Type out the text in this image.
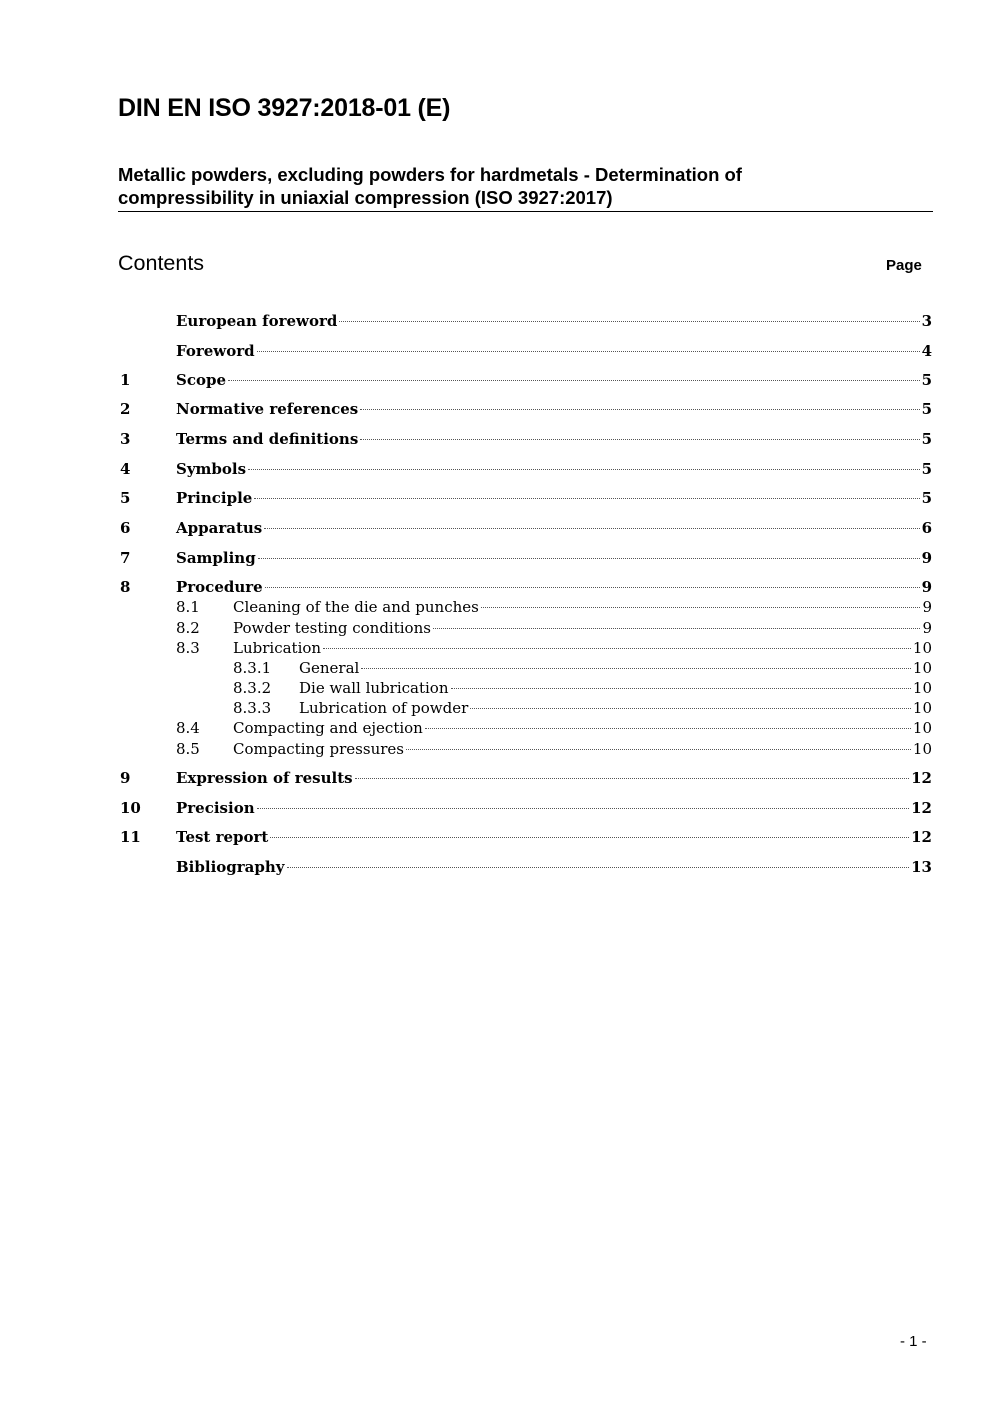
DIN EN ISO 3927:2018-01 (E)
Metallic powders, excluding powders for hardmetals - Determination of
compressibility in uniaxial compression (ISO 3927:2017)
Contents	Page
European foreword	3
Foreword	4
1	Scope	5
2	Normative references	5
3	Terms and definitions	5
4	Symbols	5
5	Principle	5
6	Apparatus	6
7	Sampling	9
8	Procedure	9
8.1	Cleaning of the die and punches	9
8.2	Powder testing conditions	9
8.3	Lubrication	10
8.3.1	General	10
8.3.2	Die wall lubrication	10
8.3.3	Lubrication of powder	10
8.4	Compacting and ejection	10
8.5	Compacting pressures	10
9	Expression of results	12
10	Precision	12
11	Test report	12
Bibliography	13
- 1 -
